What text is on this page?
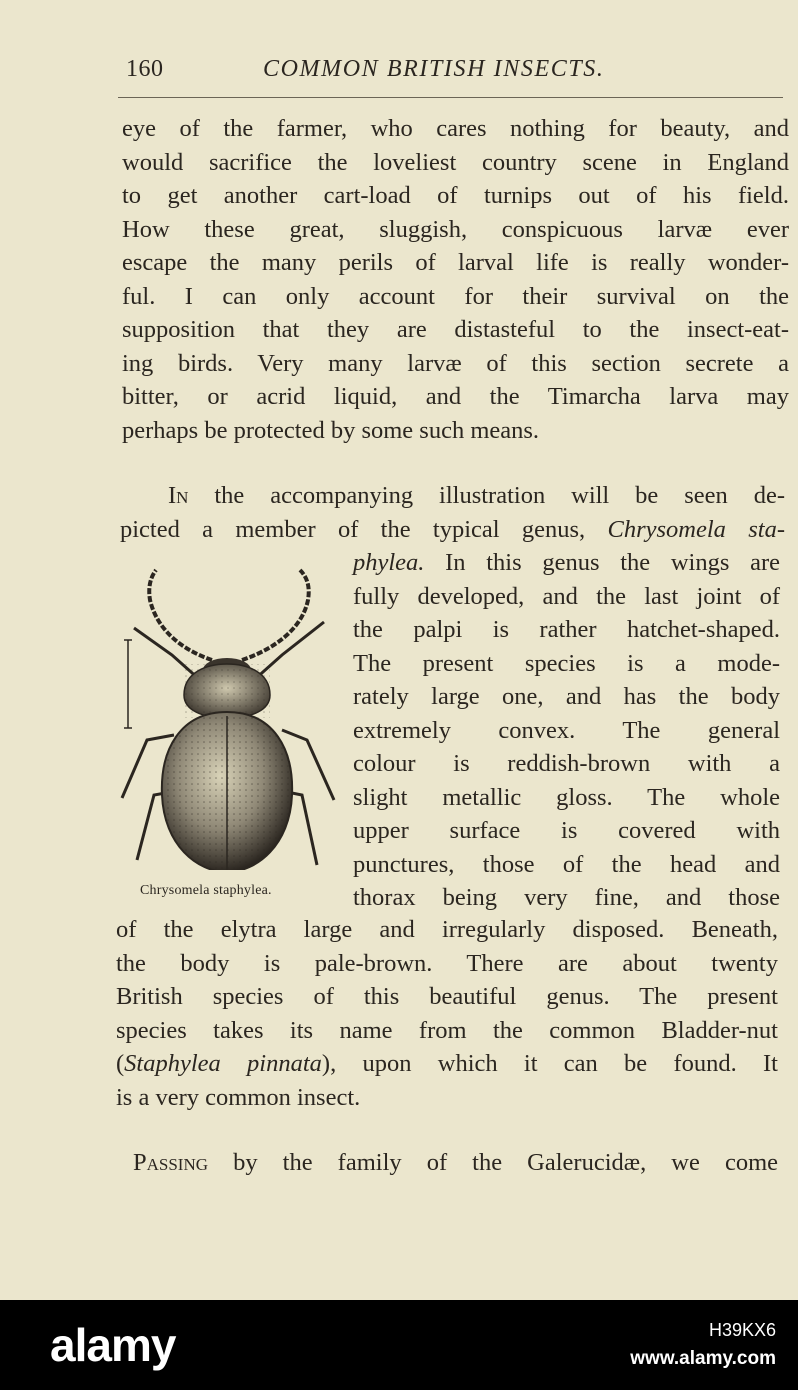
160	COMMON BRITISH INSECTS.
eye of the farmer, who cares nothing for beauty, and
would sacrifice the loveliest country scene in England
to get another cart-load of turnips out of his field.
How these great, sluggish, conspicuous larvæ ever
escape the many perils of larval life is really wonder-
ful. I can only account for their survival on the
supposition that they are distasteful to the insect-eat-
ing birds. Very many larvæ of this section secrete a
bitter, or acrid liquid, and the Timarcha larva may
perhaps be protected by some such means.
In the accompanying illustration will be seen de-
picted a member of the typical genus, Chrysomela sta-
phylea. In this genus the wings are
fully developed, and the last joint of
the palpi is rather hatchet-shaped.
The present species is a mode-
rately large one, and has the body
extremely convex. The general
colour is reddish-brown with a
slight metallic gloss. The whole
upper surface is covered with
punctures, those of the head and
thorax being very fine, and those
of the elytra large and irregularly disposed. Beneath,
the body is pale-brown. There are about twenty
British species of this beautiful genus. The present
species takes its name from the common Bladder-nut
(Staphylea pinnata), upon which it can be found. It
is a very common insect.
Chrysomela staphylea.
Passing by the family of the Galerucidæ, we come
alamy	H39KX6
www.alamy.com
